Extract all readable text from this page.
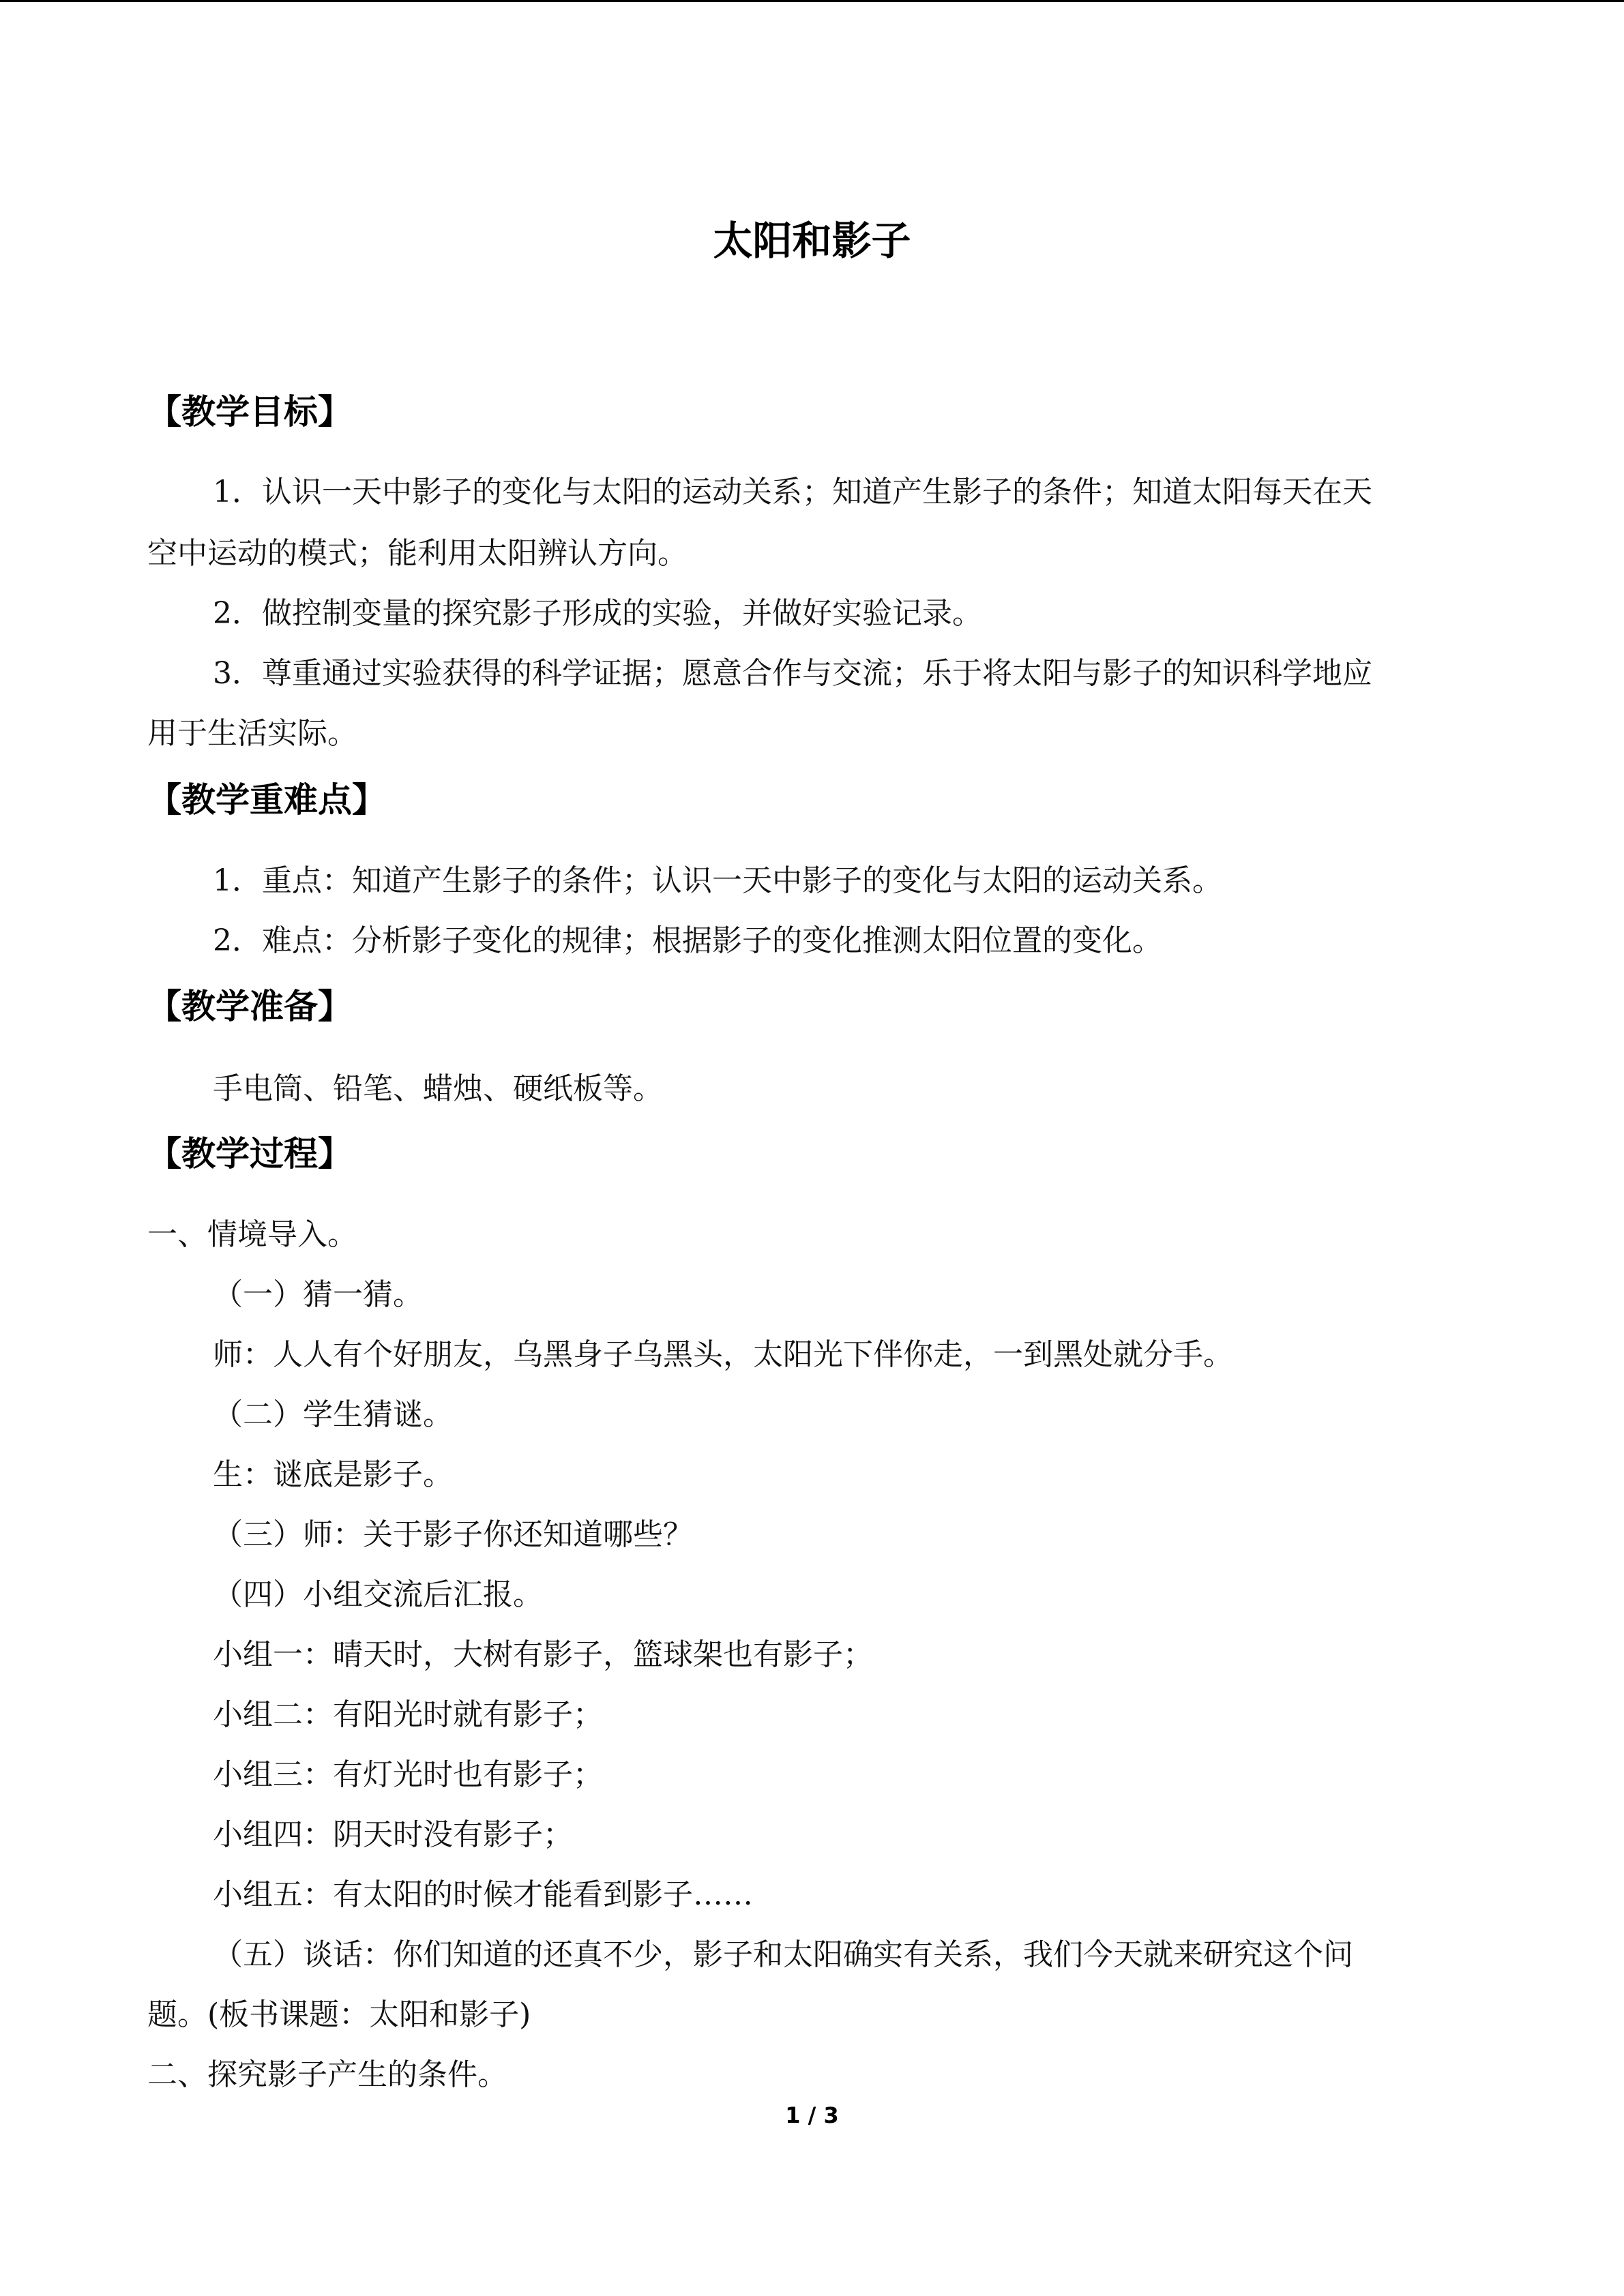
太阳和影子
【教学目标】
1．认识一天中影子的变化与太阳的运动关系；知道产生影子的条件；知道太阳每天在天
空中运动的模式；能利用太阳辨认方向。
2．做控制变量的探究影子形成的实验，并做好实验记录。
3．尊重通过实验获得的科学证据；愿意合作与交流；乐于将太阳与影子的知识科学地应
用于生活实际。
【教学重难点】
1．重点：知道产生影子的条件；认识一天中影子的变化与太阳的运动关系。
2．难点：分析影子变化的规律；根据影子的变化推测太阳位置的变化。
【教学准备】
手电筒、铅笔、蜡烛、硬纸板等。
【教学过程】
一、情境导入。
（一）猜一猜。
师：人人有个好朋友，乌黑身子乌黑头，太阳光下伴你走，一到黑处就分手。
（二）学生猜谜。
生：谜底是影子。
（三）师：关于影子你还知道哪些？
（四）小组交流后汇报。
小组一：晴天时，大树有影子，篮球架也有影子；
小组二：有阳光时就有影子；
小组三：有灯光时也有影子；
小组四：阴天时没有影子；
小组五：有太阳的时候才能看到影子……
（五）谈话：你们知道的还真不少，影子和太阳确实有关系，我们今天就来研究这个问
题。(板书课题：太阳和影子)
二、探究影子产生的条件。
1 / 3
